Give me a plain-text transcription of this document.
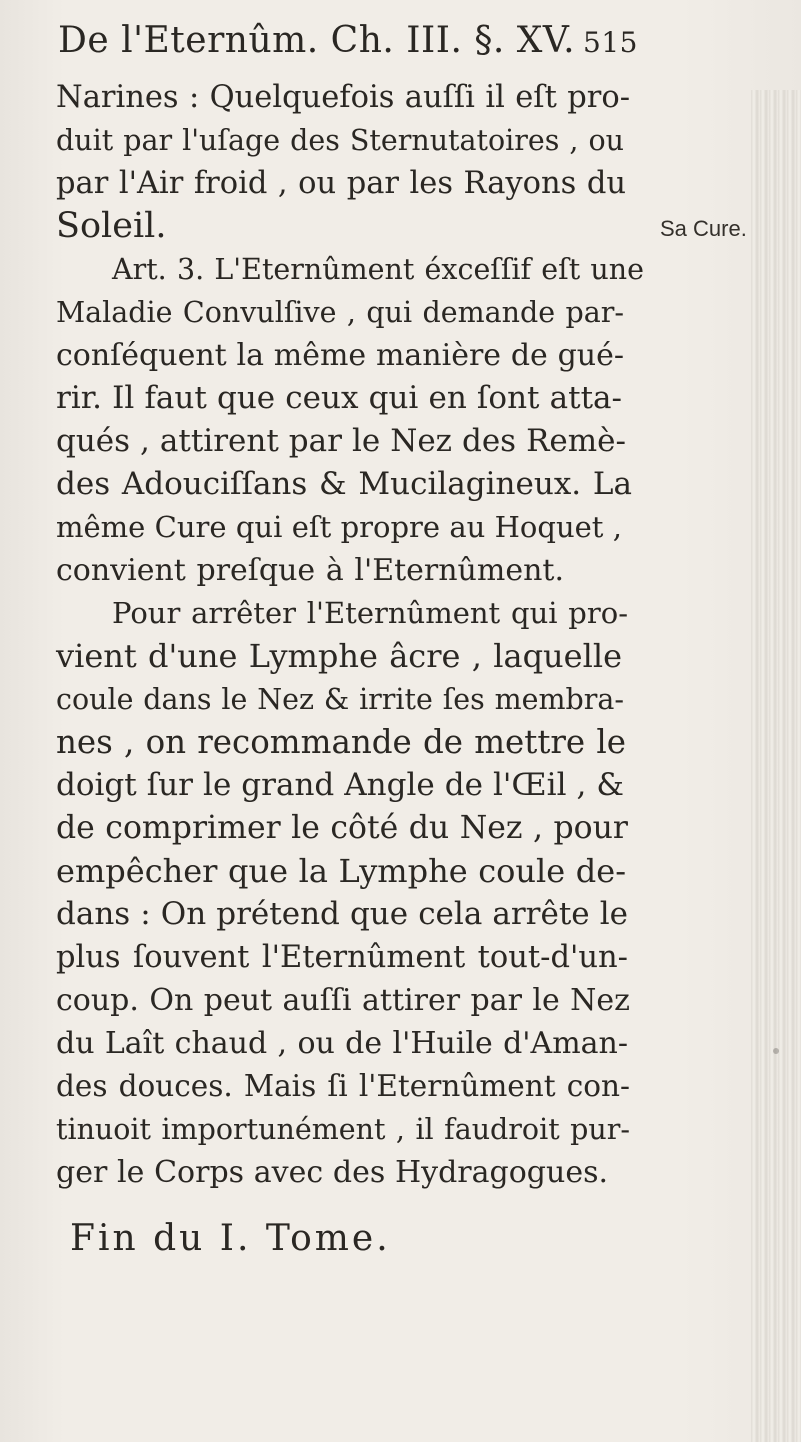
De l'Eternûm. Ch. III. §. XV. 515
Narines : Quelquefois auſſi il eſt pro-
duit par l'uſage des Sternutatoires , ou
par l'Air froid , ou par les Rayons du
Soleil.
Art. 3. L'Eternûment éxceſſif eſt une
Maladie Convulſive , qui demande par-
conſéquent la même manière de gué-
rir. Il faut que ceux qui en ſont atta-
qués , attirent par le Nez des Remè-
des Adouciſſans & Mucilagineux. La
même Cure qui eſt propre au Hoquet ,
convient preſque à l'Eternûment.
Pour arrêter l'Eternûment qui pro-
vient d'une Lymphe âcre , laquelle
coule dans le Nez & irrite ſes membra-
nes , on recommande de mettre le
doigt ſur le grand Angle de l'Œil , &
de comprimer le côté du Nez , pour
empêcher que la Lymphe coule de-
dans : On prétend que cela arrête le
plus ſouvent l'Eternûment tout-d'un-
coup. On peut auſſi attirer par le Nez
du Laît chaud , ou de l'Huile d'Aman-
des douces. Mais ſi l'Eternûment con-
tinuoit importunément , il faudroit pur-
ger le Corps avec des Hydragogues.
Sa Cure.
Fin du I. Tome.
